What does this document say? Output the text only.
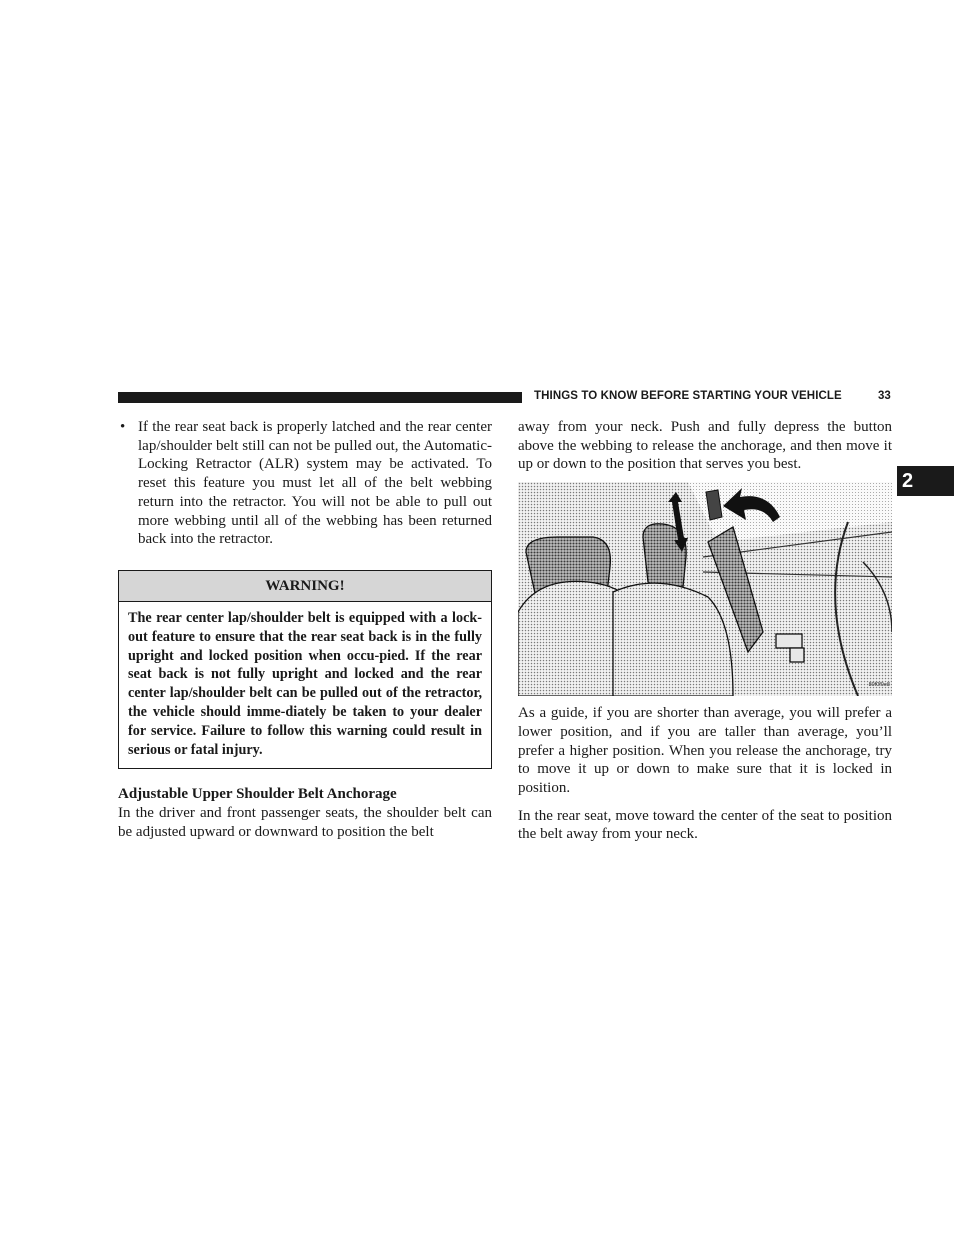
THINGS TO KNOW BEFORE STARTING YOUR VEHICLE	33
2
• If the rear seat back is properly latched and the rear center lap/shoulder belt still can not be pulled out, the Automatic-Locking Retractor (ALR) system may be activated. To reset this feature you must let all of the belt webbing return into the retractor. You will not be able to pull out more webbing until all of the webbing has been returned back into the retractor.
WARNING!
The rear center lap/shoulder belt is equipped with a lock-out feature to ensure that the rear seat back is in the fully upright and locked position when occu-pied. If the rear seat back is not fully upright and locked and the rear center lap/shoulder belt can be pulled out of the retractor, the vehicle should imme-diately be taken to your dealer for service. Failure to follow this warning could result in serious or fatal injury.
Adjustable Upper Shoulder Belt Anchorage

In the driver and front passenger seats, the shoulder belt can be adjusted upward or downward to position the belt

away from your neck. Push and fully depress the button above the webbing to release the anchorage, and then move it up or down to the position that serves you best.

80f0f0e8

As a guide, if you are shorter than average, you will prefer a lower position, and if you are taller than average, you’ll prefer a higher position. When you release the anchorage, try to move it up or down to make sure that it is locked in position.

In the rear seat, move toward the center of the seat to position the belt away from your neck.
